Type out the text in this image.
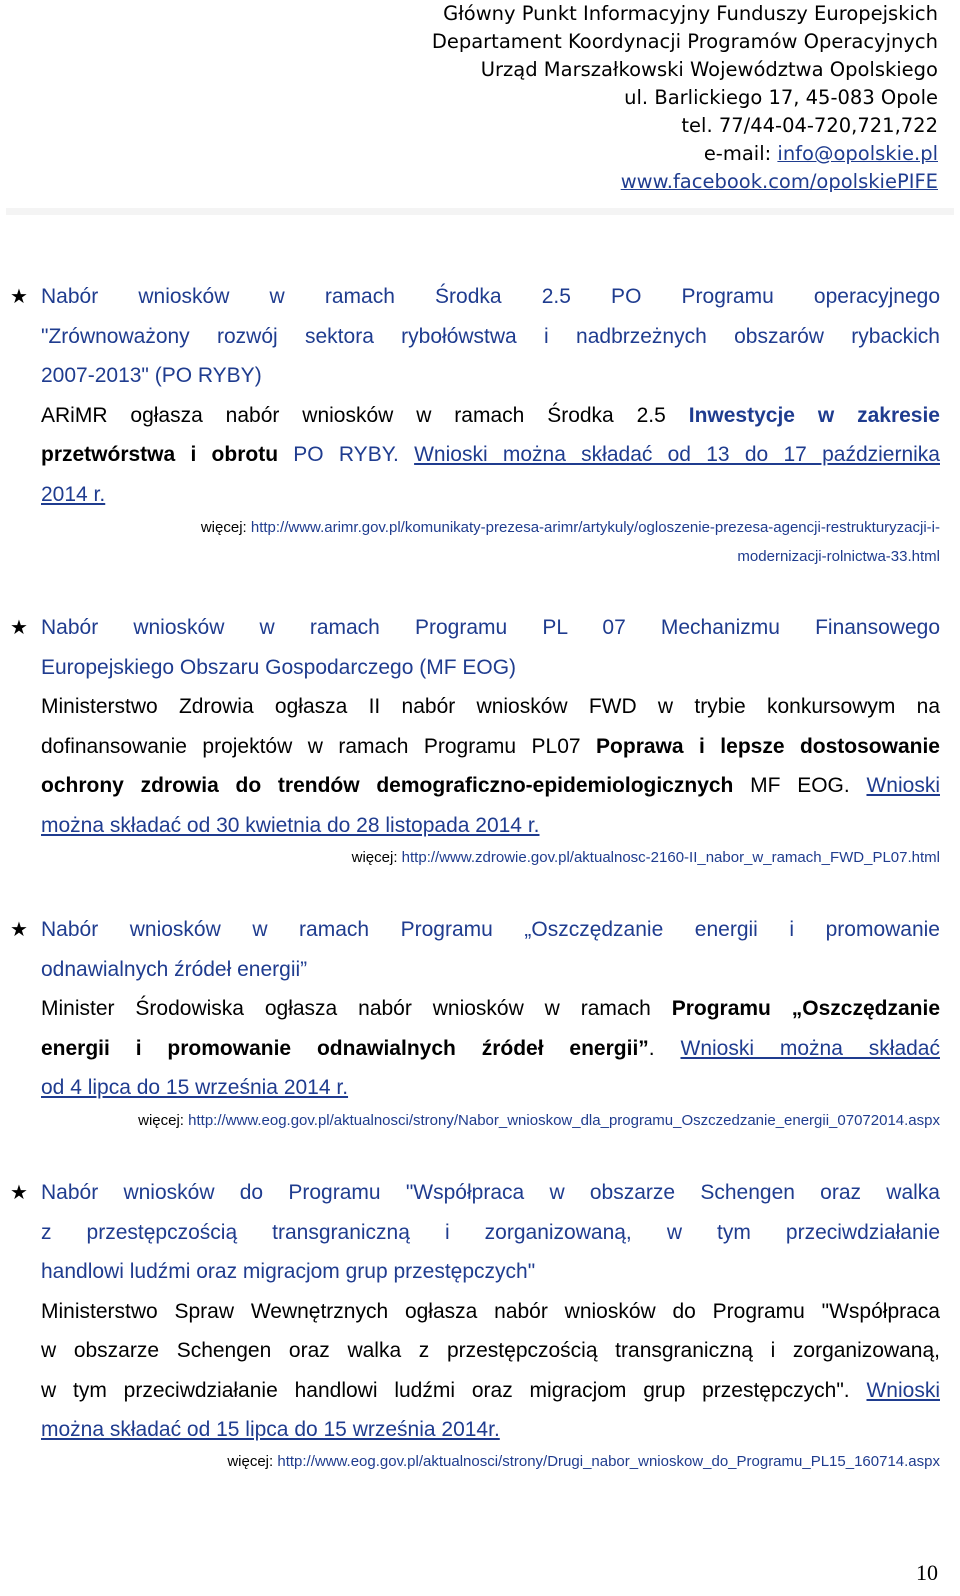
Główny Punkt Informacyjny Funduszy Europejskich
Departament Koordynacji Programów Operacyjnych
Urząd Marszałkowski Województwa Opolskiego
ul. Barlickiego 17, 45-083 Opole
tel. 77/44-04-720,721,722
e-mail: info@opolskie.pl
www.facebook.com/opolskiePIFE
★ Nabór wniosków w ramach Środka 2.5 PO Programu operacyjnego
"Zrównoważony rozwój sektora rybołówstwa i nadbrzeżnych obszarów rybackich
2007-2013" (PO RYBY)
ARiMR ogłasza nabór wniosków w ramach Środka 2.5 Inwestycje w zakresie
przetwórstwa i obrotu PO RYBY. Wnioski można składać od 13 do 17 października
2014 r.
więcej: http://www.arimr.gov.pl/komunikaty-prezesa-arimr/artykuly/ogloszenie-prezesa-agencji-restrukturyzacji-i-
modernizacji-rolnictwa-33.html
★ Nabór wniosków w ramach Programu PL 07 Mechanizmu Finansowego
Europejskiego Obszaru Gospodarczego (MF EOG)
Ministerstwo Zdrowia ogłasza II nabór wniosków FWD w trybie konkursowym na
dofinansowanie projektów w ramach Programu PL07 Poprawa i lepsze dostosowanie
ochrony zdrowia do trendów demograficzno-epidemiologicznych MF EOG. Wnioski
można składać od 30 kwietnia do 28 listopada 2014 r.
więcej: http://www.zdrowie.gov.pl/aktualnosc-2160-II_nabor_w_ramach_FWD_PL07.html
★ Nabór wniosków w ramach Programu „Oszczędzanie energii i promowanie
odnawialnych źródeł energii”
Minister Środowiska ogłasza nabór wniosków w ramach Programu „Oszczędzanie
energii i promowanie odnawialnych źródeł energii”. Wnioski można składać
od 4 lipca do 15 września 2014 r.
więcej: http://www.eog.gov.pl/aktualnosci/strony/Nabor_wnioskow_dla_programu_Oszczedzanie_energii_07072014.aspx
★ Nabór wniosków do Programu "Współpraca w obszarze Schengen oraz walka
z przestępczością transgraniczną i zorganizowaną, w tym przeciwdziałanie
handlowi ludźmi oraz migracjom grup przestępczych"
Ministerstwo Spraw Wewnętrznych ogłasza nabór wniosków do Programu "Współpraca
w obszarze Schengen oraz walka z przestępczością transgraniczną i zorganizowaną,
w tym przeciwdziałanie handlowi ludźmi oraz migracjom grup przestępczych". Wnioski
można składać od 15 lipca do 15 września 2014r.
więcej: http://www.eog.gov.pl/aktualnosci/strony/Drugi_nabor_wnioskow_do_Programu_PL15_160714.aspx
10
